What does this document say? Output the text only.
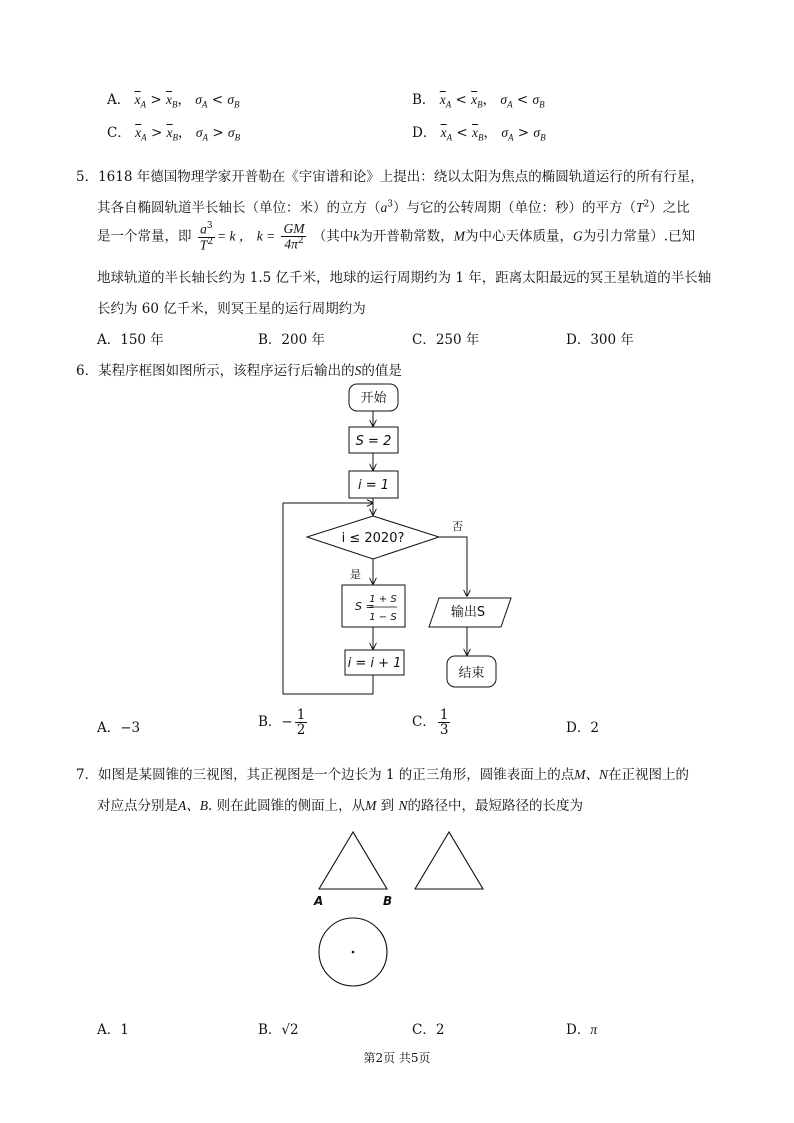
A． $\overline{x}_A > \overline{x}_B$， $\sigma_A < \sigma_B$	B． $\overline{x}_A < \overline{x}_B$， $\sigma_A < \sigma_B$
C． $\overline{x}_A > \overline{x}_B$， $\sigma_A > \sigma_B$	D． $\overline{x}_A < \overline{x}_B$， $\sigma_A > \sigma_B$
5．1618 年德国物理学家开普勒在《宇宙谱和论》上提出：绕以太阳为焦点的椭圆轨道运行的所有行星，
其各自椭圆轨道半长轴长（单位：米）的立方$(a^3)$与它的公转周期（单位：秒）的平方$(T^2)$之比
是一个常量，即 $\frac{a^3}{T^2} = k$ ， $k = \frac{GM}{4\pi^2}$ （其中k为开普勒常数，M为中心天体质量，G为引力常量）.已知
地球轨道的半长轴长约为 1.5 亿千米，地球的运行周期约为 1 年，距离太阳最远的冥王星轨道的半长轴
长约为 60 亿千米，则冥王星的运行周期约为
A．150 年	B．200 年	C．250 年	D．300 年
6．某程序框图如图所示，该程序运行后输出的S的值是
开始
S = 2
i = 1
i ≤ 2020?
否
是
S =
1 + S
1 − S	输出S
i = i + 1
结束
A．−3	B．− $\frac{1}{2}$	C． $\frac{1}{3}$	D．2
7．如图是某圆锥的三视图，其正视图是一个边长为 1 的正三角形，圆锥表面上的点M、N在正视图上的
对应点分别是A、B. 则在此圆锥的侧面上，从M 到 N的路径中，最短路径的长度为
A	B
A．1	B．√2	C．2	D．π
第2页 共5页
